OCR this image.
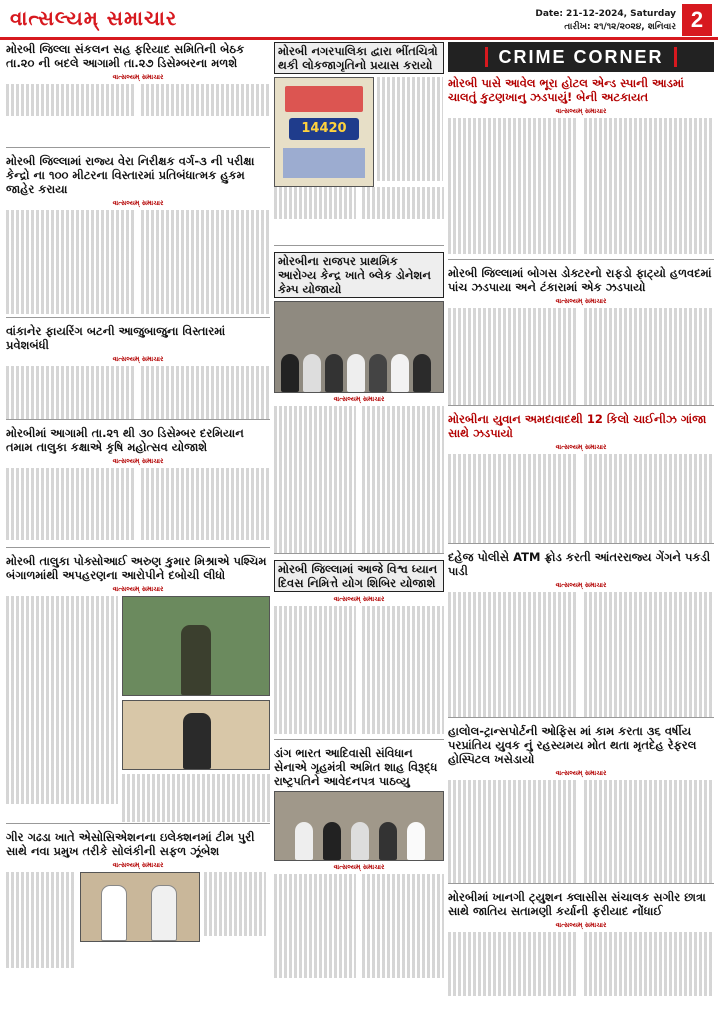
વાત્સલ્યમ્ સમાચાર	Date: 21-12-2024, Saturday
તારીખ: ૨૧/૧૨/૨૦૨૪, શનિવાર 2
મોરબી જિલ્લા સંકલન સહ ફરિયાદ સમિતિની બેઠક તા.૨૦ ની બદલે આગામી તા.૨૭ ડિસેમ્બરના મળશે
વાત્સલ્યમ્ સમાચાર
મોરબી જિલ્લામાં રાજ્ય વેરા નિરીક્ષક વર્ગ-૩ ની પરીક્ષા કેન્દ્રો ના ૧૦૦ મીટરના વિસ્તારમાં પ્રતિબંધાત્મક હુકમ જાહેર કરાયા
વાત્સલ્યમ્ સમાચાર
વાંકાનેર ફાયરિંગ બટની આજુબાજુના વિસ્તારમાં પ્રવેશબંધી
વાત્સલ્યમ્ સમાચાર
મોરબીમાં આગામી તા.૨૧ થી ૩૦ ડિસેમ્બર દરમિયાન તમામ તાલુકા કક્ષાએ કૃષિ મહોત્સવ યોજાશે
વાત્સલ્યમ્ સમાચાર
મોરબી તાલુકા પોક્સોઆઈ અરુણ કુમાર મિશ્રાએ પશ્ચિમ બંગાળમાંથી અપહરણના આરોપીને દબોચી લીધો
વાત્સલ્યમ્ સમાચાર
ગીર ગઢડા ખાતે એસોસિએશનના ઇલેક્શનમાં ટીમ પુરી સાથે નવા પ્રમુખ તરીકે સોલંકીની સફળ ઝૂંબેશ
વાત્સલ્યમ્ સમાચાર
મોરબી નગરપાલિકા દ્વારા ભીંતચિત્રો થકી લોકજાગૃતિનો પ્રયાસ કરાયો
14420
મોરબીના રાજપર પ્રાથમિક આરોગ્ય કેન્દ્ર ખાતે બ્લેક ડોનેશન કેમ્પ યોજાયો
વાત્સલ્યમ્ સમાચાર
મોરબી જિલ્લામાં આજે વિશ્વ ધ્યાન દિવસ નિમિત્તે યોગ શિબિર યોજાશે
વાત્સલ્યમ્ સમાચાર
ડાંગ ભારત આદિવાસી સંવિધાન સેનાએ ગૃહમંત્રી અમિત શાહ વિરૂદ્ધ રાષ્ટ્રપતિને આવેદનપત્ર પાઠવ્યુ
વાત્સલ્યમ્ સમાચાર
CRIME CORNER
મોરબી પાસે આવેલ ભૂરા હોટલ એન્ડ સ્પાની આડમાં ચાલતું કુટણખાનુ ઝડપાયું! બેની અટકાયત
વાત્સલ્યમ્ સમાચાર
મોરબી જિલ્લામાં બોગસ ડોક્ટરનો રાફડો ફાટ્યો હળવદમાં પાંચ ઝડપાયા અને ટંકારામાં એક ઝડપાયો
વાત્સલ્યમ્ સમાચાર
મોરબીના યુવાન અમદાવાદથી 12 કિલો ચાઈનીઝ ગાંજા સાથે ઝડપાયો
વાત્સલ્યમ્ સમાચાર
દહેજ પોલીસે ATM ફ્રોડ કરતી આંતરરાજ્ય ગેંગને પકડી પાડી
વાત્સલ્યમ્ સમાચાર
હાલોલ-ટ્રાન્સપોર્ટની ઓફિસ માં કામ કરતા ૩૬ વર્ષીય પરપ્રાંતિય યુવક નું રહસ્યમય મોત થતા મૃતદેહ રેફરલ હોસ્પિટલ ખસેડાયો
વાત્સલ્યમ્ સમાચાર
મોરબીમાં ખાનગી ટ્યુશન ક્લાસીસ સંચાલક સગીર છાત્રા સાથે જાતિય સતામણી કર્યાની ફરીયાદ નોંધાઈ
વાત્સલ્યમ્ સમાચાર
